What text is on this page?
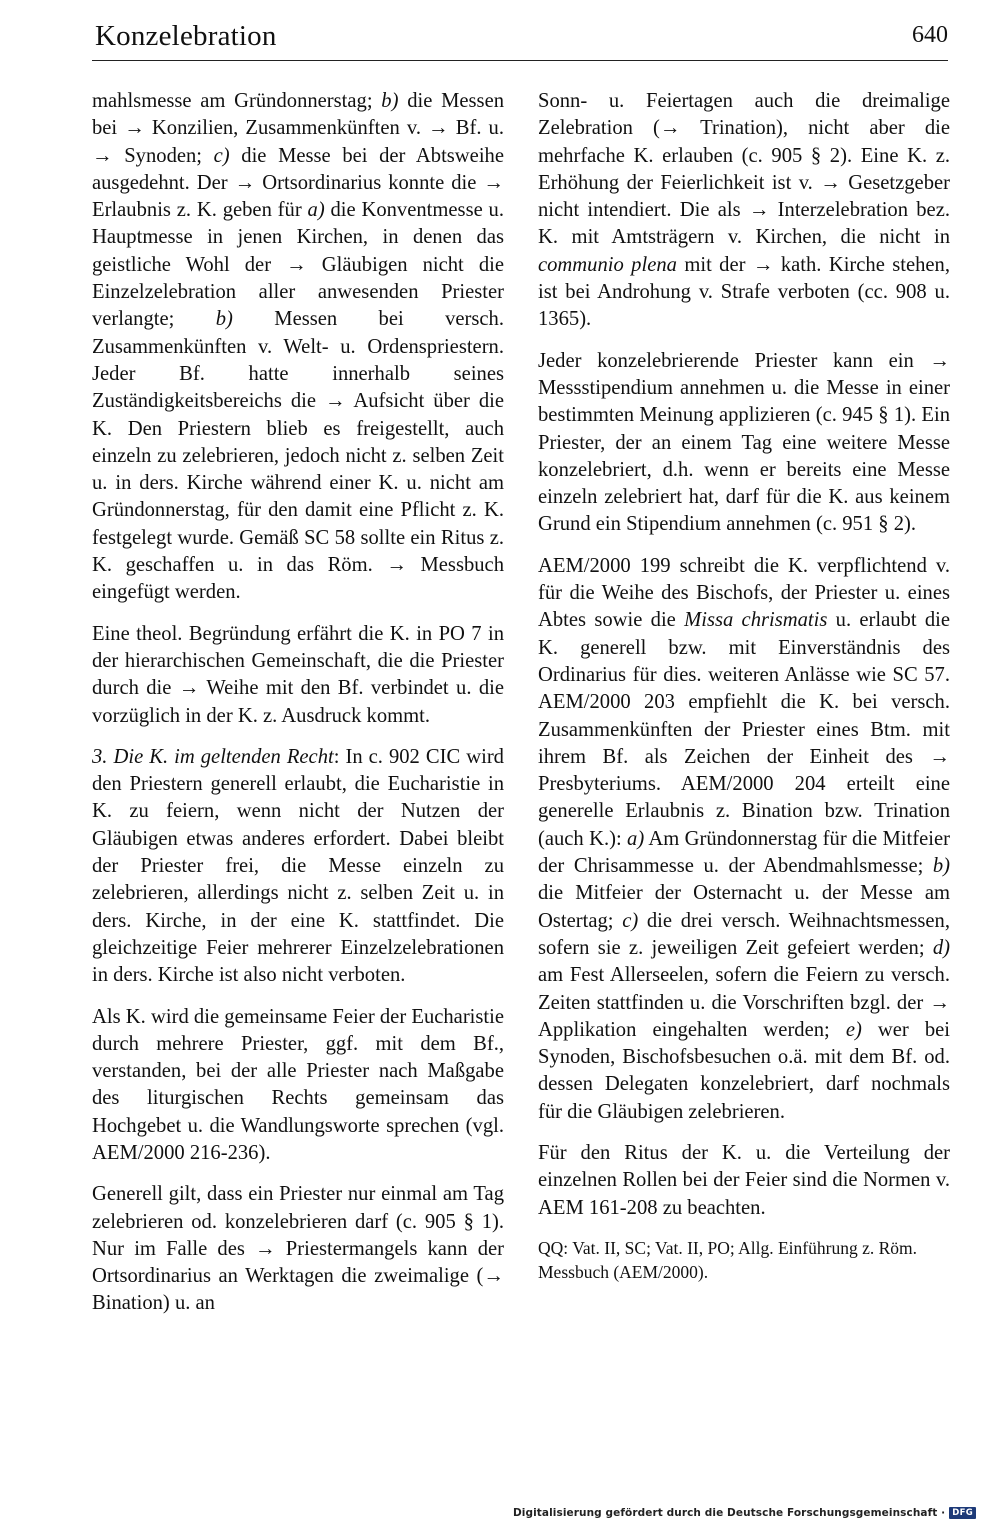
Konzelebration	640

mahlsmesse am Gründonnerstag; b) die Messen bei → Konzilien, Zusammenkünften v. → Bf. u. → Synoden; c) die Messe bei der Abtsweihe ausgedehnt. Der → Ortsordinarius konnte die → Erlaubnis z. K. geben für a) die Konventmesse u. Hauptmesse in jenen Kirchen, in denen das geistliche Wohl der → Gläubigen nicht die Einzelzelebration aller anwesenden Priester verlangte; b) Messen bei versch. Zusammenkünften v. Welt- u. Ordenspriestern. Jeder Bf. hatte innerhalb seines Zuständigkeitsbereichs die → Aufsicht über die K. Den Priestern blieb es freigestellt, auch einzeln zu zelebrieren, jedoch nicht z. selben Zeit u. in ders. Kirche während einer K. u. nicht am Gründonnerstag, für den damit eine Pflicht z. K. festgelegt wurde. Gemäß SC 58 sollte ein Ritus z. K. geschaffen u. in das Röm. → Messbuch eingefügt werden.

Eine theol. Begründung erfährt die K. in PO 7 in der hierarchischen Gemeinschaft, die die Priester durch die → Weihe mit den Bf. verbindet u. die vorzüglich in der K. z. Ausdruck kommt.

3. Die K. im geltenden Recht: In c. 902 CIC wird den Priestern generell erlaubt, die Eucharistie in K. zu feiern, wenn nicht der Nutzen der Gläubigen etwas anderes erfordert. Dabei bleibt der Priester frei, die Messe einzeln zu zelebrieren, allerdings nicht z. selben Zeit u. in ders. Kirche, in der eine K. stattfindet. Die gleichzeitige Feier mehrerer Einzelzelebrationen in ders. Kirche ist also nicht verboten.

Als K. wird die gemeinsame Feier der Eucharistie durch mehrere Priester, ggf. mit dem Bf., verstanden, bei der alle Priester nach Maßgabe des liturgischen Rechts gemeinsam das Hochgebet u. die Wandlungsworte sprechen (vgl. AEM/2000 216-236).

Generell gilt, dass ein Priester nur einmal am Tag zelebrieren od. konzelebrieren darf (c. 905 § 1). Nur im Falle des → Priestermangels kann der Ortsordinarius an Werktagen die zweimalige (→ Bination) u. an

Sonn- u. Feiertagen auch die dreimalige Zelebration (→ Trination), nicht aber die mehrfache K. erlauben (c. 905 § 2). Eine K. z. Erhöhung der Feierlichkeit ist v. → Gesetzgeber nicht intendiert. Die als → Interzelebration bez. K. mit Amtsträgern v. Kirchen, die nicht in communio plena mit der → kath. Kirche stehen, ist bei Androhung v. Strafe verboten (cc. 908 u. 1365).

Jeder konzelebrierende Priester kann ein → Messstipendium annehmen u. die Messe in einer bestimmten Meinung applizieren (c. 945 § 1). Ein Priester, der an einem Tag eine weitere Messe konzelebriert, d.h. wenn er bereits eine Messe einzeln zelebriert hat, darf für die K. aus keinem Grund ein Stipendium annehmen (c. 951 § 2).

AEM/2000 199 schreibt die K. verpflichtend v. für die Weihe des Bischofs, der Priester u. eines Abtes sowie die Missa chrismatis u. erlaubt die K. generell bzw. mit Einverständnis des Ordinarius für dies. weiteren Anlässe wie SC 57. AEM/2000 203 empfiehlt die K. bei versch. Zusammenkünften der Priester eines Btm. mit ihrem Bf. als Zeichen der Einheit des → Presbyteriums. AEM/2000 204 erteilt eine generelle Erlaubnis z. Bination bzw. Trination (auch K.): a) Am Gründonnerstag für die Mitfeier der Chrisammesse u. der Abendmahlsmesse; b) die Mitfeier der Osternacht u. der Messe am Ostertag; c) die drei versch. Weihnachtsmessen, sofern sie z. jeweiligen Zeit gefeiert werden; d) am Fest Allerseelen, sofern die Feiern zu versch. Zeiten stattfinden u. die Vorschriften bzgl. der → Applikation eingehalten werden; e) wer bei Synoden, Bischofsbesuchen o.ä. mit dem Bf. od. dessen Delegaten konzelebriert, darf nochmals für die Gläubigen zelebrieren.

Für den Ritus der K. u. die Verteilung der einzelnen Rollen bei der Feier sind die Normen v. AEM 161-208 zu beachten.

QQ: Vat. II, SC; Vat. II, PO; Allg. Einführung z. Röm. Messbuch (AEM/2000).

Digitalisierung gefördert durch die Deutsche Forschungsgemeinschaft · DFG
